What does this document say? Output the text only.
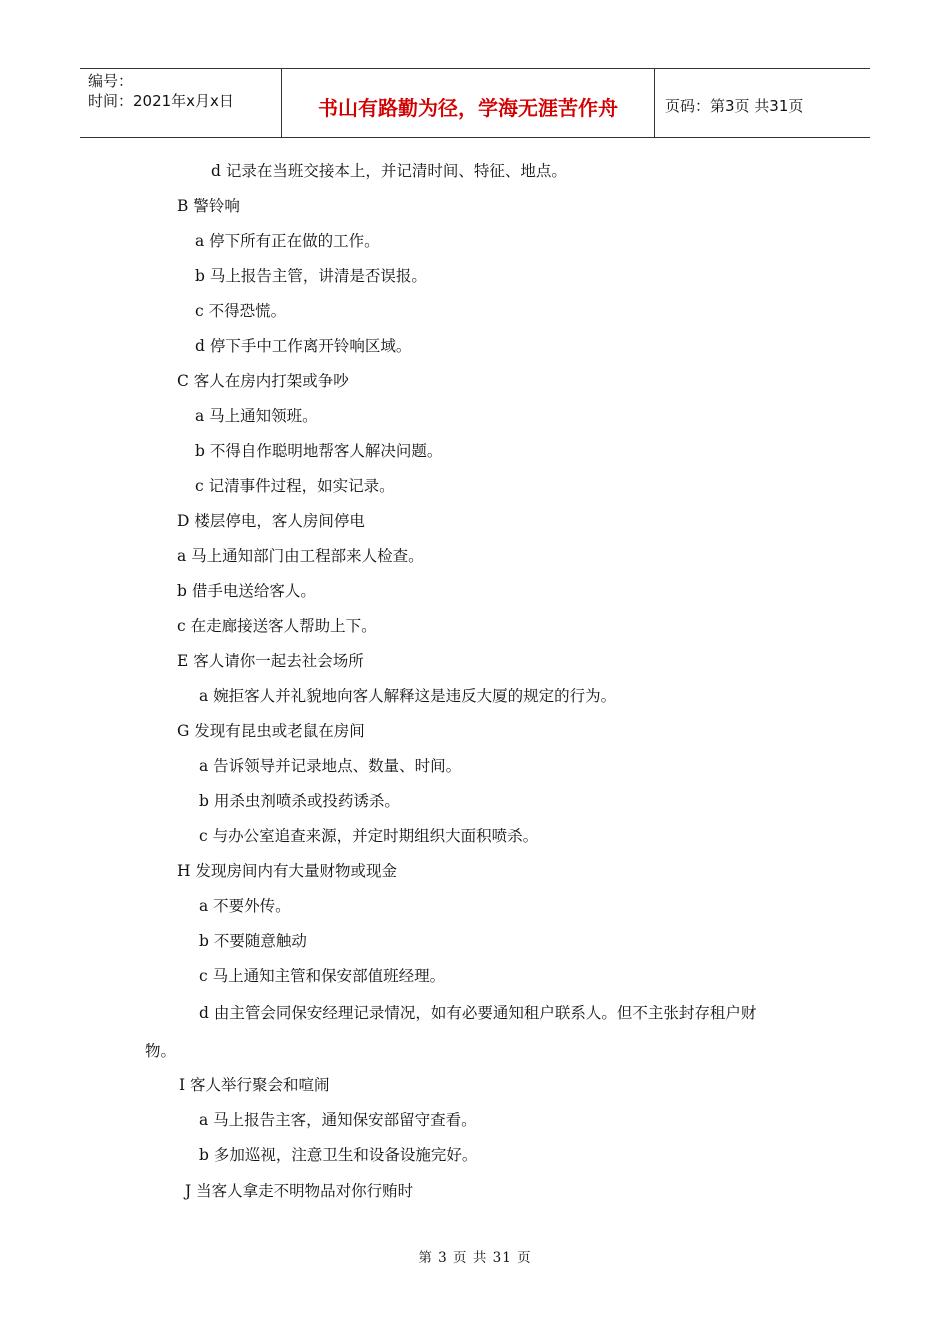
编号：
时间：2021年x月x日	书山有路勤为径，学海无涯苦作舟	页码：第3页 共31页
d 记录在当班交接本上，并记清时间、特征、地点。
B 警铃响
a 停下所有正在做的工作。
b 马上报告主管，讲清是否误报。
c 不得恐慌。
d 停下手中工作离开铃响区域。
C 客人在房内打架或争吵
a 马上通知领班。
b 不得自作聪明地帮客人解决问题。
c 记清事件过程，如实记录。
D 楼层停电，客人房间停电
a 马上通知部门由工程部来人检查。
b 借手电送给客人。
c 在走廊接送客人帮助上下。
E 客人请你一起去社会场所
a 婉拒客人并礼貌地向客人解释这是违反大厦的规定的行为。
G 发现有昆虫或老鼠在房间
a 告诉领导并记录地点、数量、时间。
b 用杀虫剂喷杀或投药诱杀。
c 与办公室追查来源，并定时期组织大面积喷杀。
H 发现房间内有大量财物或现金
a 不要外传。
b 不要随意触动
c 马上通知主管和保安部值班经理。
d 由主管会同保安经理记录情况，如有必要通知租户联系人。但不主张封存租户财
物。
I 客人举行聚会和喧闹
a 马上报告主客，通知保安部留守查看。
b 多加巡视，注意卫生和设备设施完好。
J 当客人拿走不明物品对你行贿时
第 3 页 共 31 页
